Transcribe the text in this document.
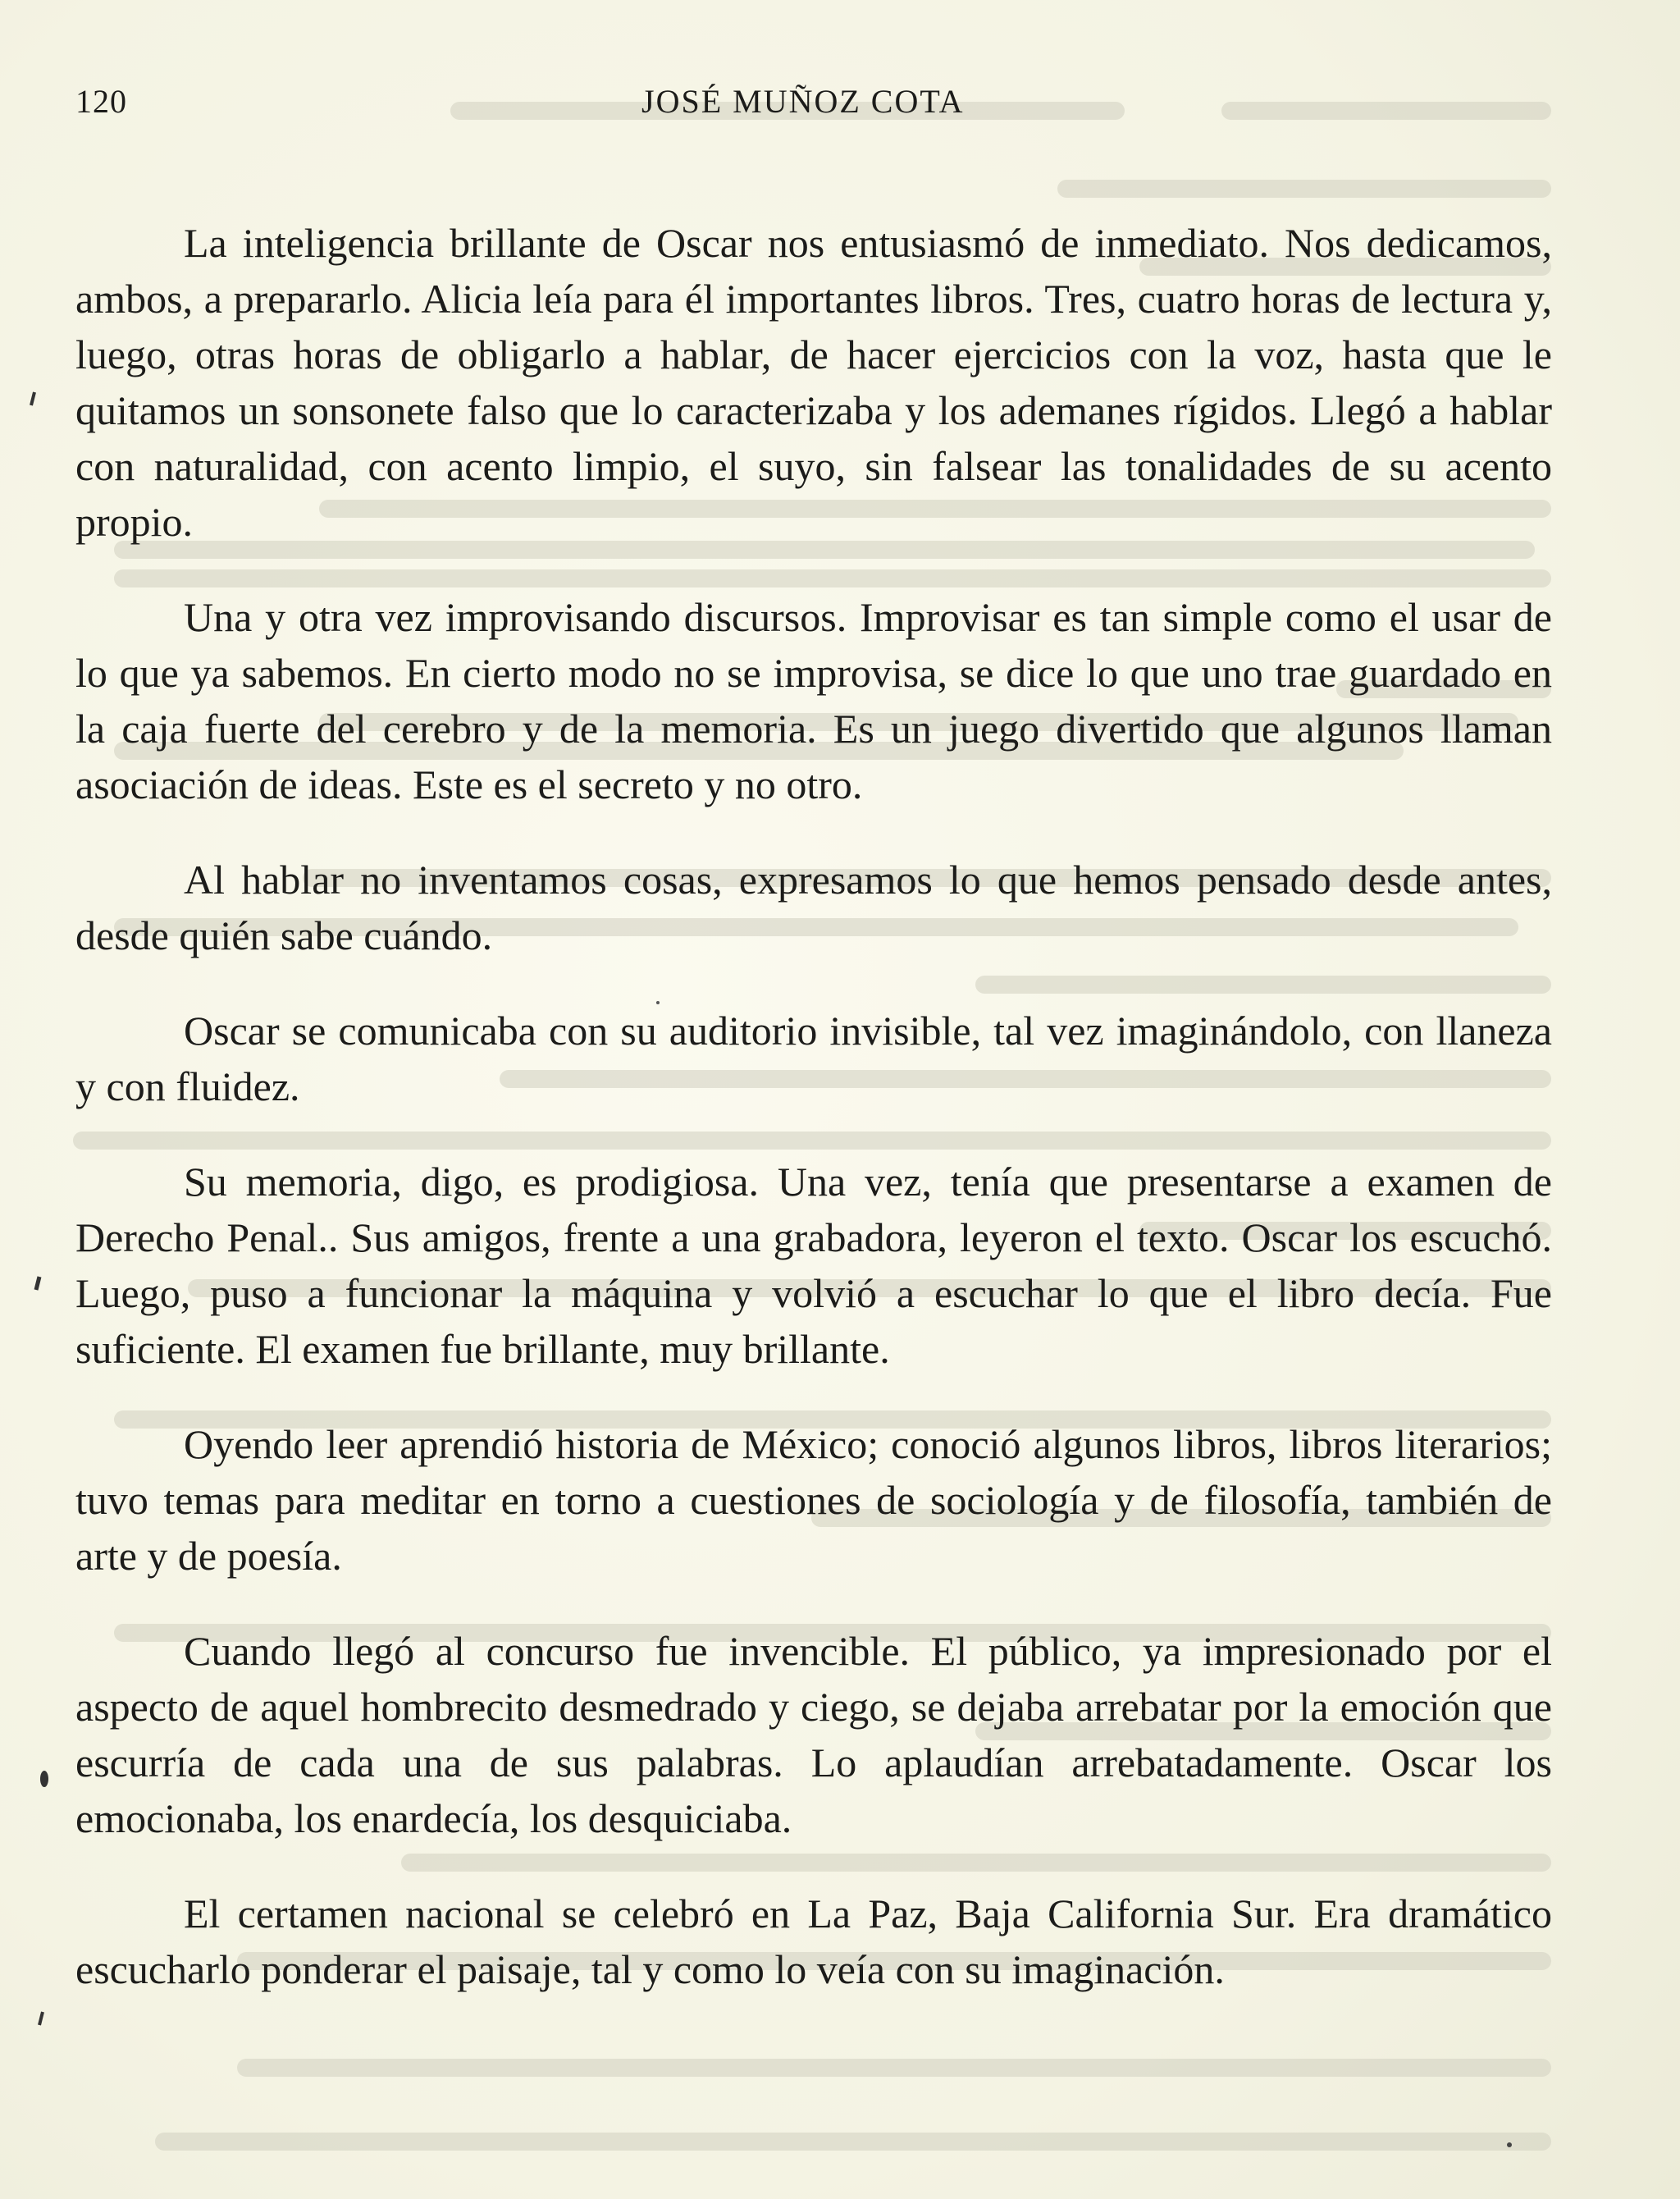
120	JOSÉ MUÑOZ COTA

La inteligencia brillante de Oscar nos entusiasmó de inmediato. Nos dedicamos, ambos, a prepararlo. Alicia leía para él importantes libros. Tres, cuatro horas de lectura y, luego, otras horas de obligarlo a hablar, de hacer ejercicios con la voz, hasta que le quitamos un sonsonete falso que lo caracterizaba y los ademanes rígidos. Llegó a hablar con naturalidad, con acento limpio, el suyo, sin falsear las tonalidades de su acento propio.

Una y otra vez improvisando discursos. Improvisar es tan simple como el usar de lo que ya sabemos. En cierto modo no se improvisa, se dice lo que uno trae guardado en la caja fuerte del cerebro y de la memoria. Es un juego divertido que algunos llaman asociación de ideas. Este es el secreto y no otro.

Al hablar no inventamos cosas, expresamos lo que hemos pensado desde antes, desde quién sabe cuándo.

Oscar se comunicaba con su auditorio invisible, tal vez imaginándolo, con llaneza y con fluidez.

Su memoria, digo, es prodigiosa. Una vez, tenía que presentarse a examen de Derecho Penal.. Sus amigos, frente a una grabadora, leyeron el texto. Oscar los escuchó. Luego, puso a funcionar la máquina y volvió a escuchar lo que el libro decía. Fue suficiente. El examen fue brillante, muy brillante.

Oyendo leer aprendió historia de México; conoció algunos libros, libros literarios; tuvo temas para meditar en torno a cuestiones de sociología y de filosofía, también de arte y de poesía.

Cuando llegó al concurso fue invencible. El público, ya impresionado por el aspecto de aquel hombrecito desmedrado y ciego, se dejaba arrebatar por la emoción que escurría de cada una de sus palabras. Lo aplaudían arrebatadamente. Oscar los emocionaba, los enardecía, los desquiciaba.

El certamen nacional se celebró en La Paz, Baja California Sur. Era dramático escucharlo ponderar el paisaje, tal y como lo veía con su imaginación.
